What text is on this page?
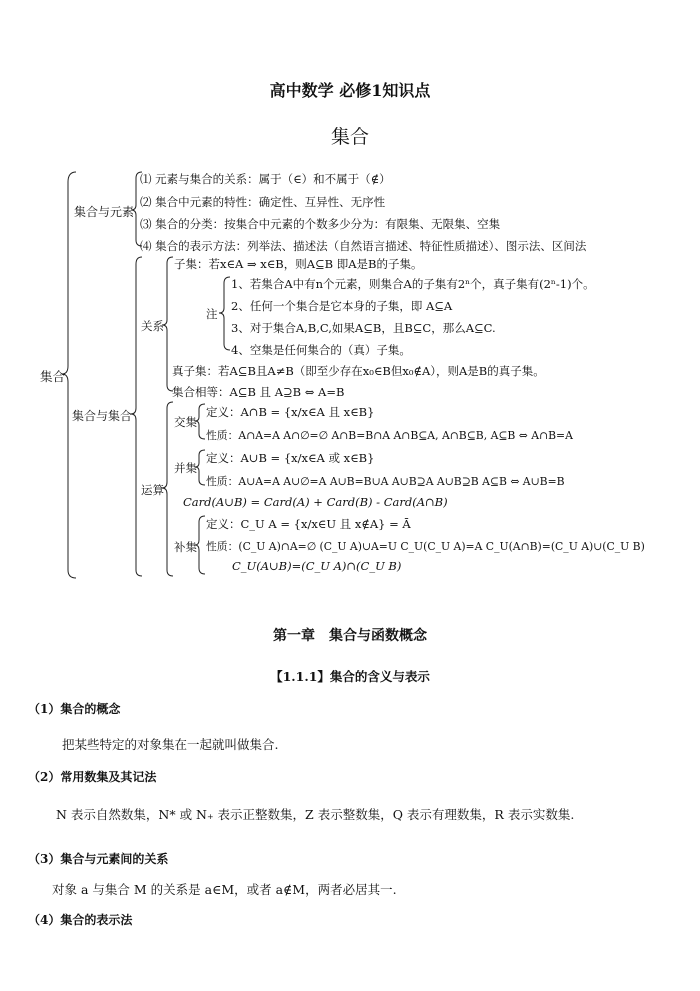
高中数学 必修1知识点
集合
集合
集合与元素
⑴ 元素与集合的关系：属于（∈）和不属于（∉）
⑵ 集合中元素的特性：确定性、互异性、无序性
⑶ 集合的分类：按集合中元素的个数多少分为：有限集、无限集、空集
⑷ 集合的表示方法：列举法、描述法（自然语言描述、特征性质描述）、图示法、区间法
集合与集合
关系
子集：若x∈A ⇒ x∈B，则A⊆B 即A是B的子集。
注
1、若集合A中有n个元素，则集合A的子集有2ⁿ个，真子集有(2ⁿ-1)个。
2、任何一个集合是它本身的子集，即 A⊆A
3、对于集合A,B,C,如果A⊆B，且B⊆C，那么A⊆C.
4、空集是任何集合的（真）子集。
真子集：若A⊆B且A≠B（即至少存在x₀∈B但x₀∉A），则A是B的真子集。
集合相等：A⊆B 且 A⊇B ⇔ A=B
运算
交集
定义：A∩B = {x/x∈A 且 x∈B}
性质：A∩A=A A∩∅=∅ A∩B=B∩A A∩B⊆A, A∩B⊆B, A⊆B ⇔ A∩B=A
并集
定义：A∪B = {x/x∈A 或 x∈B}
性质：A∪A=A A∪∅=A A∪B=B∪A A∪B⊇A A∪B⊇B A⊆B ⇔ A∪B=B
Card(A∪B) = Card(A) + Card(B) - Card(A∩B)
补集
定义：C_U A = {x/x∈U 且 x∉A} = Ā
性质：(C_U A)∩A=∅ (C_U A)∪A=U C_U(C_U A)=A C_U(A∩B)=(C_U A)∪(C_U B)
C_U(A∪B)=(C_U A)∩(C_U B)
第一章　集合与函数概念
【1.1.1】集合的含义与表示
（1）集合的概念
把某些特定的对象集在一起就叫做集合.
（2）常用数集及其记法
N 表示自然数集，N* 或 N₊ 表示正整数集，Z 表示整数集，Q 表示有理数集，R 表示实数集.
（3）集合与元素间的关系
对象 a 与集合 M 的关系是 a∈M，或者 a∉M，两者必居其一.
（4）集合的表示法
